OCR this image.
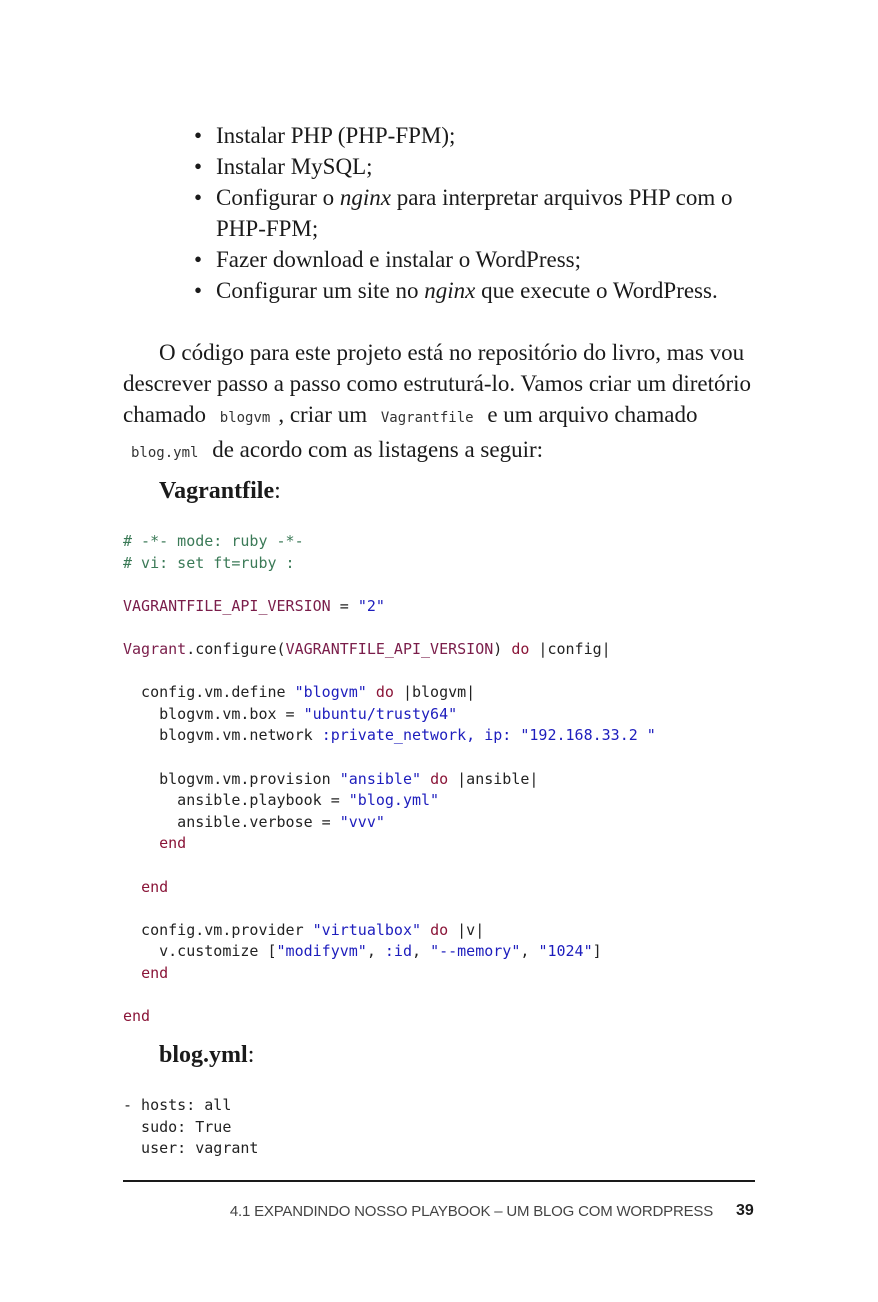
• Instalar PHP (PHP-FPM);
• Instalar MySQL;
• Configurar o nginx para interpretar arquivos PHP com o PHP-FPM;
• Fazer download e instalar o WordPress;
• Configurar um site no nginx que execute o WordPress.

O código para este projeto está no repositório do livro, mas vou descrever passo a passo como estruturá-lo. Vamos criar um diretório chamado blogvm , criar um Vagrantfile e um arquivo chamado blog.yml de acordo com as listagens a seguir:

Vagrantfile:
# -*- mode: ruby -*-
# vi: set ft=ruby :
VAGRANTFILE_API_VERSION = "2"
Vagrant.configure(VAGRANTFILE_API_VERSION) do |config|
config.vm.define "blogvm" do |blogvm|
blogvm.vm.box = "ubuntu/trusty64"
blogvm.vm.network :private_network, ip: "192.168.33.2 "
blogvm.vm.provision "ansible" do |ansible|
ansible.playbook = "blog.yml"
ansible.verbose = "vvv"
end
end
config.vm.provider "virtualbox" do |v|
v.customize ["modifyvm", :id, "--memory", "1024"]
end
end
blog.yml:
- hosts: all
sudo: True
user: vagrant
4.1 EXPANDINDO NOSSO PLAYBOOK – UM BLOG COM WORDPRESS 39
